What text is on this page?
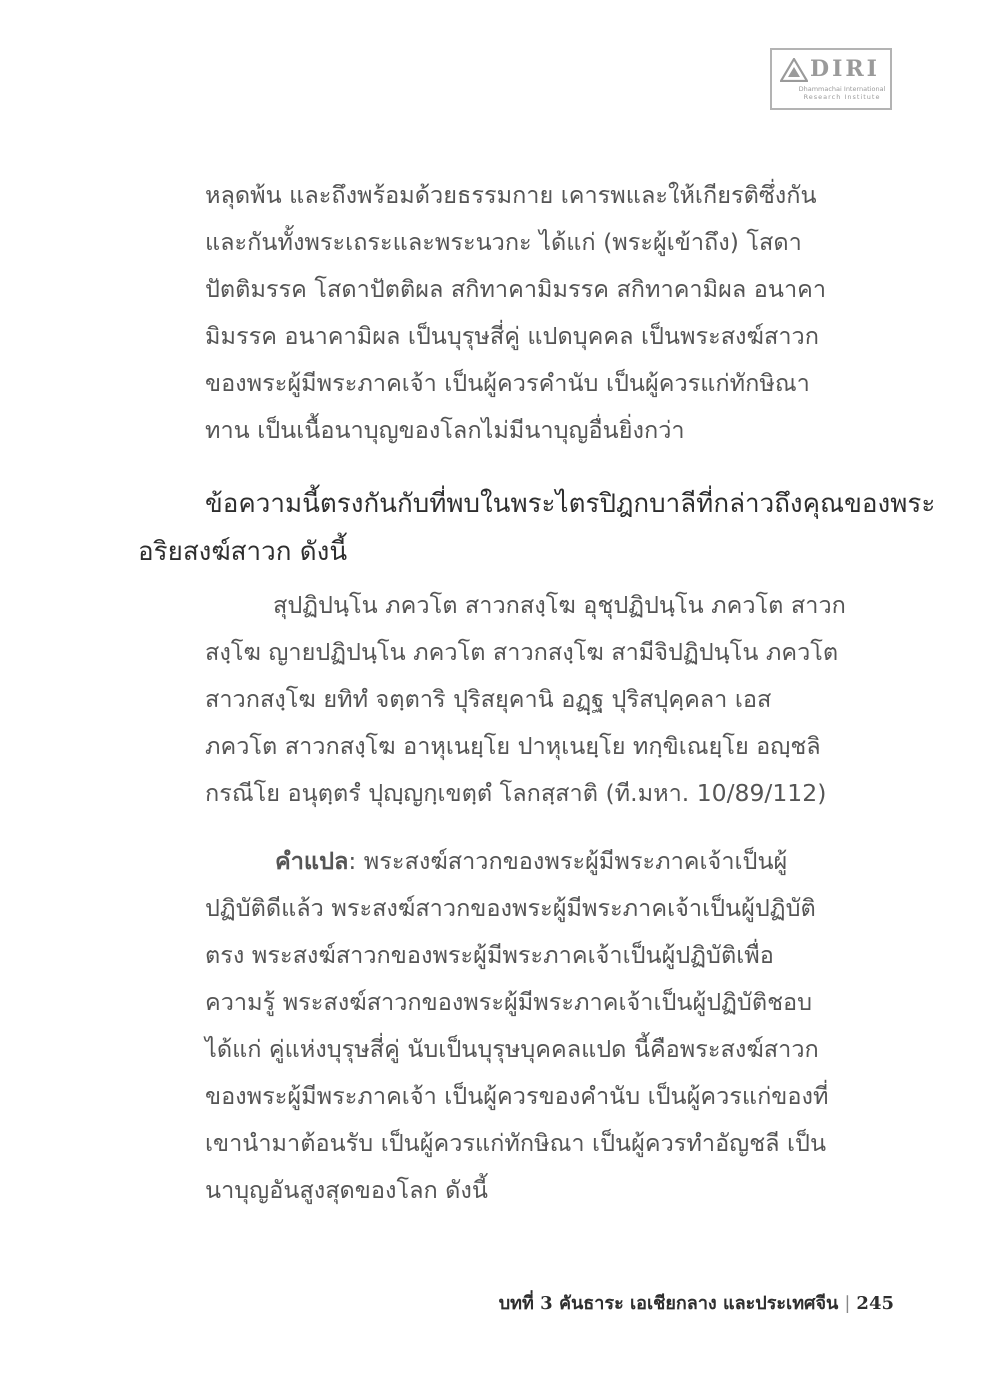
DIRI
Dhammachai International
Research Institute

หลุดพ้น และถึงพร้อมด้วยธรรมกาย เคารพและให้เกียรติซึ่งกัน
และกันทั้งพระเถระและพระนวกะ ได้แก่ (พระผู้เข้าถึง) โสดา
ปัตติมรรค โสดาปัตติผล สกิทาคามิมรรค สกิทาคามิผล อนาคา
มิมรรค อนาคามิผล เป็นบุรุษสี่คู่ แปดบุคคล เป็นพระสงฆ์สาวก
ของพระผู้มีพระภาคเจ้า เป็นผู้ควรคำนับ เป็นผู้ควรแก่ทักษิณา
ทาน เป็นเนื้อนาบุญของโลกไม่มีนาบุญอื่นยิ่งกว่า

ข้อความนี้ตรงกันกับที่พบในพระไตรปิฎกบาลีที่กล่าวถึงคุณของพระ
อริยสงฆ์สาวก ดังนี้

สุปฏิปนฺโน ภควโต สาวกสงฺโฆ อุชุปฏิปนฺโน ภควโต สาวก
สงฺโฆ ญายปฏิปนฺโน ภควโต สาวกสงฺโฆ สามีจิปฏิปนฺโน ภควโต
สาวกสงฺโฆ ยทิทํ จตฺตาริ ปุริสยุคานิ อฏฺฐ ปุริสปุคฺคลา เอส
ภควโต สาวกสงฺโฆ อาหุเนยฺโย ปาหุเนยฺโย ทกฺขิเณยฺโย อญฺชลิ
กรณีโย อนุตฺตรํ ปุญฺญกฺเขตฺตํ โลกสฺสาติ (ที.มหา. 10/89/112)

คำแปล: พระสงฆ์สาวกของพระผู้มีพระภาคเจ้าเป็นผู้
ปฏิบัติดีแล้ว พระสงฆ์สาวกของพระผู้มีพระภาคเจ้าเป็นผู้ปฏิบัติ
ตรง พระสงฆ์สาวกของพระผู้มีพระภาคเจ้าเป็นผู้ปฏิบัติเพื่อ
ความรู้ พระสงฆ์สาวกของพระผู้มีพระภาคเจ้าเป็นผู้ปฏิบัติชอบ
ได้แก่ คู่แห่งบุรุษสี่คู่ นับเป็นบุรุษบุคคลแปด นี้คือพระสงฆ์สาวก
ของพระผู้มีพระภาคเจ้า เป็นผู้ควรของคำนับ เป็นผู้ควรแก่ของที่
เขานำมาต้อนรับ เป็นผู้ควรแก่ทักษิณา เป็นผู้ควรทำอัญชลี เป็น
นาบุญอันสูงสุดของโลก ดังนี้

บทที่ 3 คันธาระ เอเชียกลาง และประเทศจีน | 245
